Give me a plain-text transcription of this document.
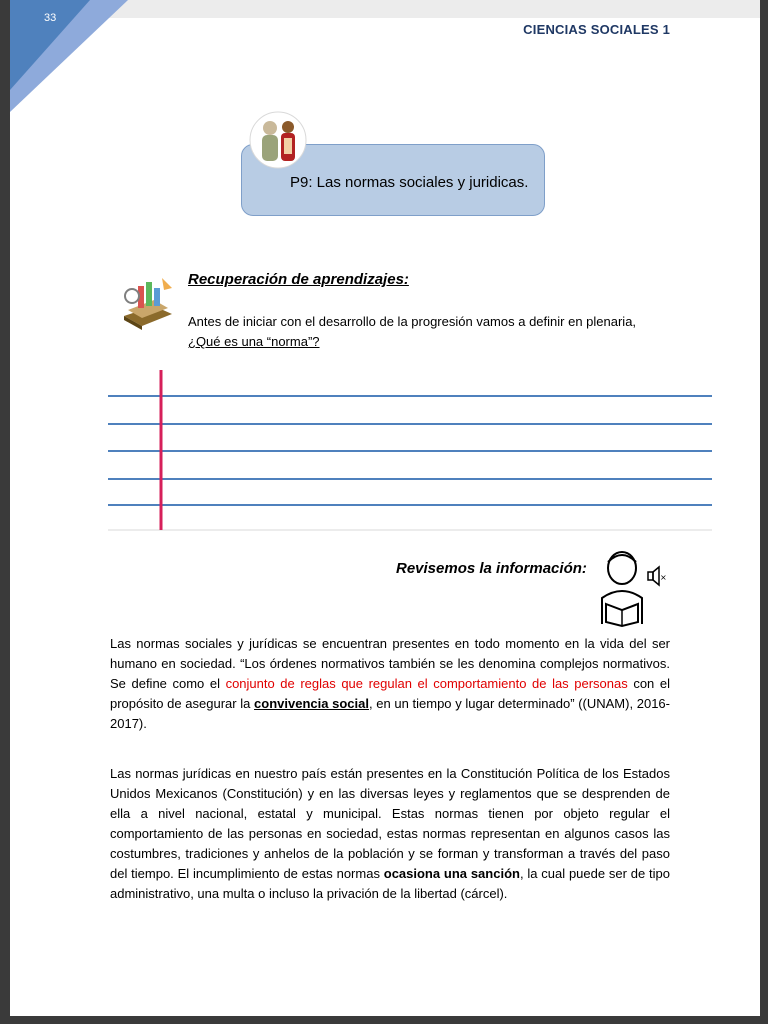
33
CIENCIAS SOCIALES 1
P9: Las normas sociales y juridicas.
Recuperación de aprendizajes:
Antes de iniciar con el desarrollo de la progresión vamos a definir en plenaria,
¿Qué es una “norma”?
Revisemos la información:
×
Las normas sociales y jurídicas se encuentran presentes en todo momento en la vida del ser humano en sociedad. “Los órdenes normativos también se les denomina complejos normativos. Se define como el conjunto de reglas que regulan el comportamiento de las personas con el propósito de asegurar la convivencia social, en un tiempo y lugar determinado” ((UNAM), 2016-2017).
Las normas jurídicas en nuestro país están presentes en la Constitución Política de los Estados Unidos Mexicanos (Constitución) y en las diversas leyes y reglamentos que se desprenden de ella a nivel nacional, estatal y municipal. Estas normas tienen por objeto regular el comportamiento de las personas en sociedad, estas normas representan en algunos casos las costumbres, tradiciones y anhelos de la población y se forman y transforman a través del paso del tiempo. El incumplimiento de estas normas ocasiona una sanción, la cual puede ser de tipo administrativo, una multa o incluso la privación de la libertad (cárcel).
